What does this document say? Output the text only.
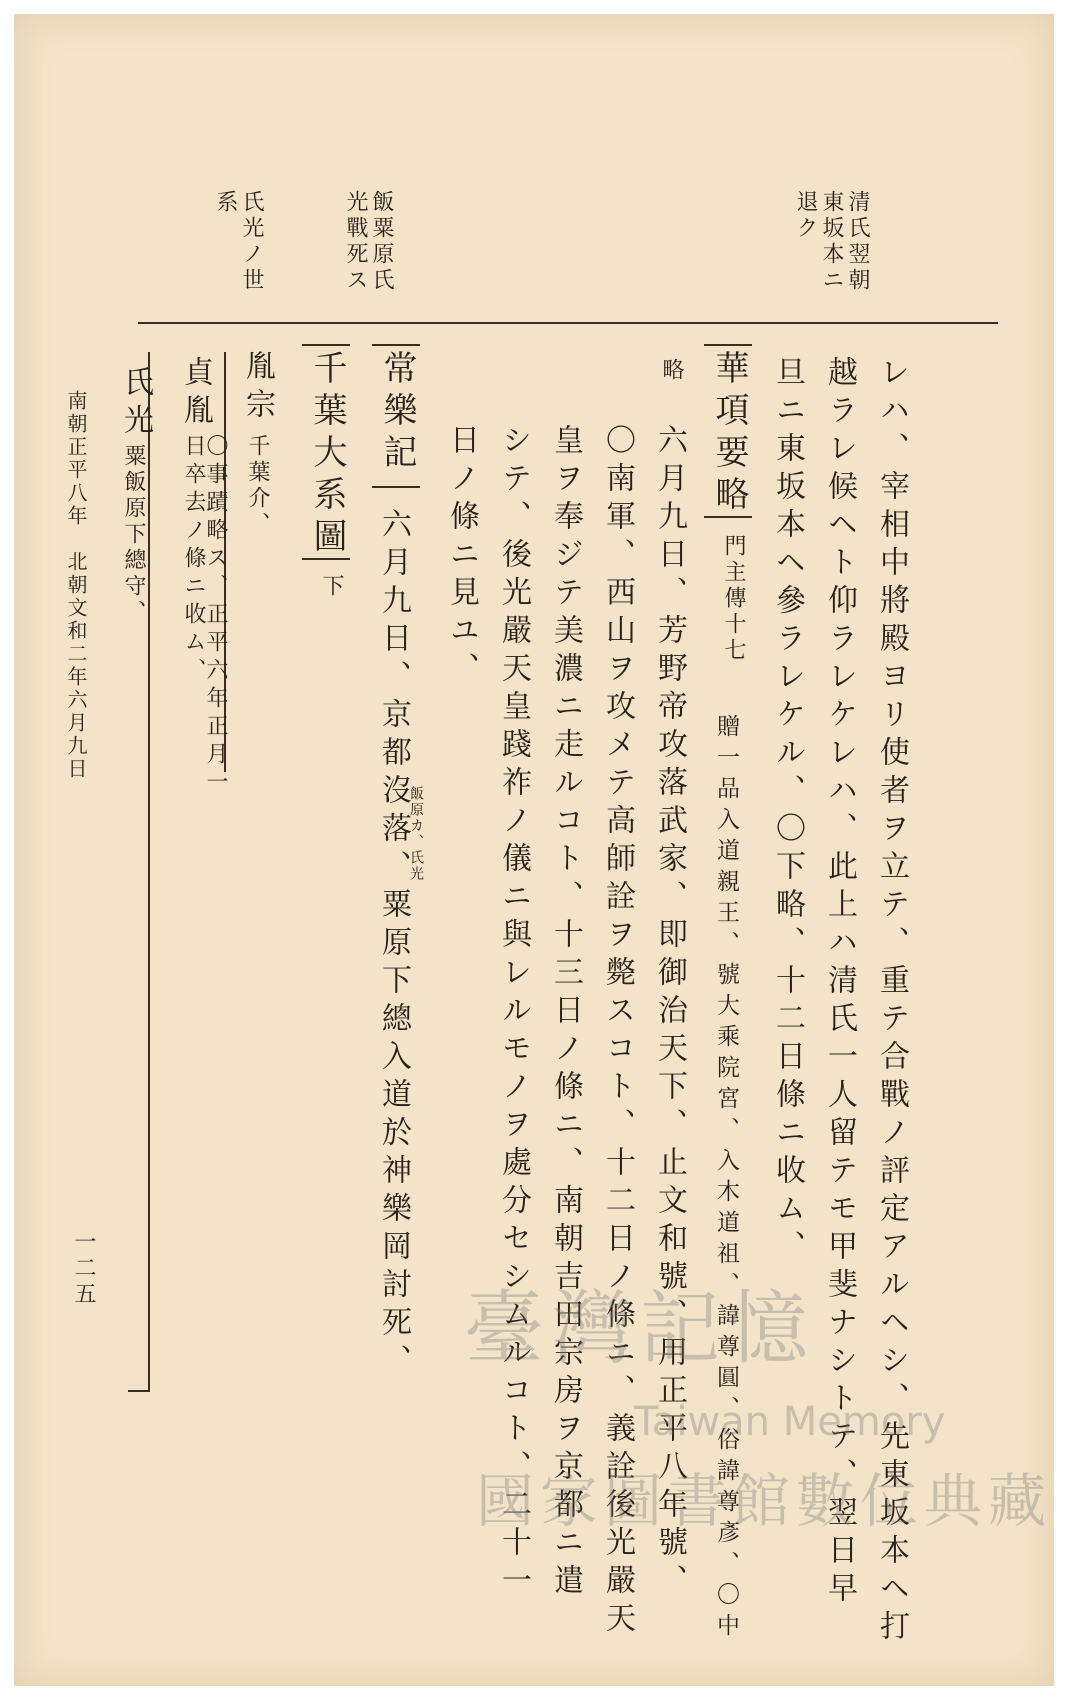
清氏翌朝
東坂本ニ
退ク
飯粟原氏
光戰死ス
氏光ノ世
系
レハ、宰相中將殿ヨリ使者ヲ立テ、重テ合戰ノ評定アルヘシ、先東坂本ヘ打
越ラレ候ヘト仰ラレケレハ、此上ハ清氏一人留テモ甲斐ナシトテ、翌日早
旦ニ東坂本ヘ參ラレケル、〇下略、十二日條ニ收ム、
華項要略
門主傳十七
略
贈一品入道親王、號大乘院宮、入木道祖、諱尊圓、俗諱尊彥、〇中
六月九日、芳野帝攻落武家、即御治天下、止文和號、用正平八年號、
〇南軍、西山ヲ攻メテ高師詮ヲ斃スコト、十二日ノ條ニ、義詮後光嚴天
皇ヲ奉ジテ美濃ニ走ルコト、十三日ノ條ニ、南朝吉田宗房ヲ京都ニ遣
シテ、後光嚴天皇踐祚ノ儀ニ與レルモノヲ處分セシムルコト、二十一
日ノ條ニ見ユ、
常樂記
六月九日、京都沒落、粟原下總入道於神樂岡討死、
飯原カ、氏光
千葉大系圖
下
胤宗
千葉介、
貞胤
〇事蹟略ス、正平六年正月一日卒去ノ條ニ收ム、
氏光
粟飯原下總守、
南朝正平八年　北朝文和二年六月九日
一二五
臺灣記憶
Taiwan Memory
國家圖書館數位典藏
